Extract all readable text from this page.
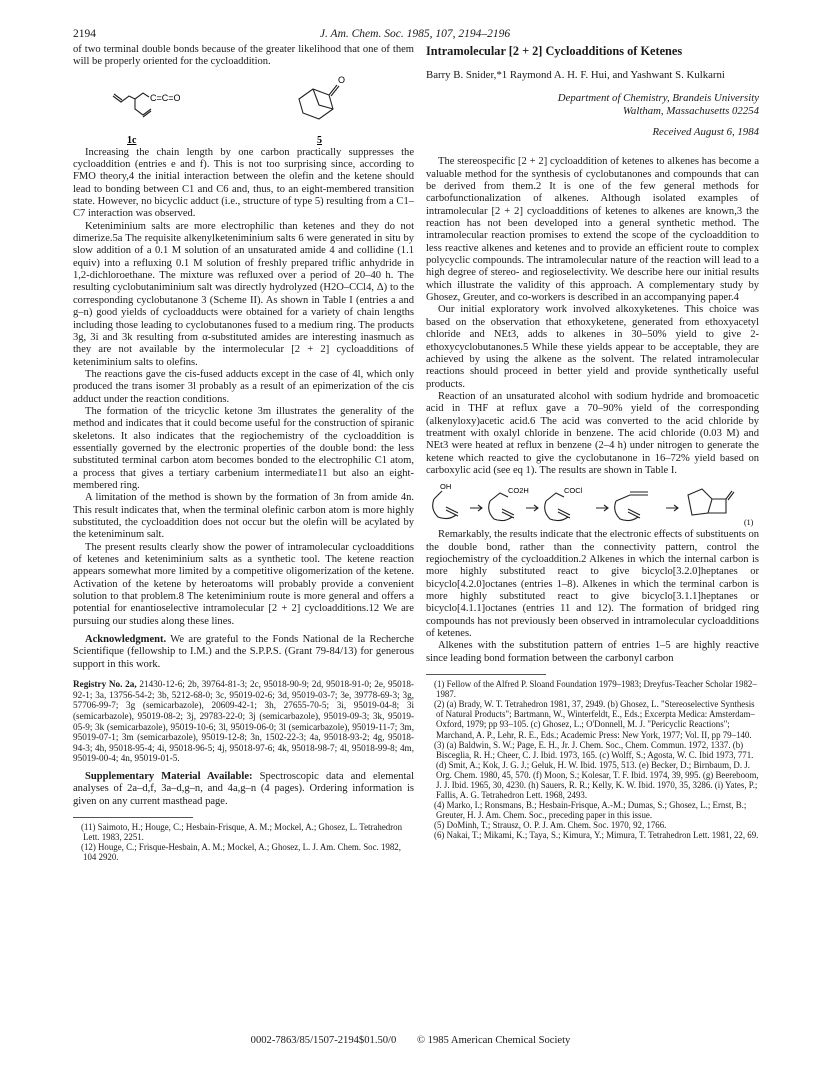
2194	J. Am. Chem. Soc. 1985, 107, 2194–2196

of two terminal double bonds because of the greater likelihood that one of them will be properly oriented for the cycloaddition.

C=C=O
O
1c	5

Increasing the chain length by one carbon practically suppresses the cycloaddition (entries e and f). This is not too surprising since, according to FMO theory,4 the initial interaction between the olefin and the ketene should lead to bonding between C1 and C6 and, thus, to an eight-membered transition state. However, no bicyclic adduct (i.e., structure of type 5) resulting from a C1–C7 interaction was observed.

Keteniminium salts are more electrophilic than ketenes and they do not dimerize.5a The requisite alkenylketeniminium salts 6 were generated in situ by slow addition of a 0.1 M solution of an unsaturated amide 4 and collidine (1.1 equiv) into a refluxing 0.1 M solution of freshly prepared triflic anhydride in 1,2-dichloroethane. The mixture was refluxed over a period of 20–40 h. The resulting cyclobutaniminium salt was directly hydrolyzed (H2O–CCl4, Δ) to the corresponding cyclobutanone 3 (Scheme II). As shown in Table I (entries a and g–n) good yields of cycloadducts were obtained for a variety of chain lengths including those leading to cyclobutanones fused to a medium ring. The products 3g, 3i and 3k resulting from α-substituted amides are interesting inasmuch as they are not available by the intermolecular [2 + 2] cycloadditions of keteniminium salts to olefins.

The reactions gave the cis-fused adducts except in the case of 4l, which only produced the trans isomer 3l probably as a result of an epimerization of the cis adduct under the reaction conditions.

The formation of the tricyclic ketone 3m illustrates the generality of the method and indicates that it could become useful for the construction of spiranic skeletons. It also indicates that the regiochemistry of the cycloaddition is essentially governed by the electronic properties of the double bond: the less substituted terminal carbon atom becomes bonded to the electrophilic C1 atom, a process that gives a tertiary carbenium intermediate11 but also an eight-membered ring.

A limitation of the method is shown by the formation of 3n from amide 4n. This result indicates that, when the terminal olefinic carbon atom is more highly substituted, the cycloaddition does not occur but the olefin will be acylated by the keteniminum salt.

The present results clearly show the power of intramolecular cycloadditions of ketenes and keteniminium salts as a synthetic tool. The ketene reaction appears somewhat more limited by a competitive oligomerization of the ketene. Activation of the ketene by heteroatoms will probably provide a convenient solution to that problem.8 The keteniminium route is more general and offers a potential for enantioselective intramolecular [2 + 2] cycloadditions.12 We are pursuing our studies along these lines.

Acknowledgment. We are grateful to the Fonds National de la Recherche Scientifique (fellowship to I.M.) and the S.P.P.S. (Grant 79-84/13) for generous support in this work.

Registry No. 2a, 21430-12-6; 2b, 39764-81-3; 2c, 95018-90-9; 2d, 95018-91-0; 2e, 95018-92-1; 3a, 13756-54-2; 3b, 5212-68-0; 3c, 95019-02-6; 3d, 95019-03-7; 3e, 39778-69-3; 3g, 57706-99-7; 3g (semicarbazole), 20609-42-1; 3h, 27655-70-5; 3i, 95019-04-8; 3i (semicarbazole), 95019-08-2; 3j, 29783-22-0; 3j (semicarbazole), 95019-09-3; 3k, 95019-05-9; 3k (semicarbazole), 95019-10-6; 3l, 95019-06-0; 3l (semicarbazole), 95019-11-7; 3m, 95019-07-1; 3m (semicarbazole), 95019-12-8; 3n, 1502-22-3; 4a, 95018-93-2; 4g, 95018-94-3; 4h, 95018-95-4; 4i, 95018-96-5; 4j, 95018-97-6; 4k, 95018-98-7; 4l, 95018-99-8; 4m, 95019-00-4; 4n, 95019-01-5.

Supplementary Material Available: Spectroscopic data and elemental analyses of 2a–d,f, 3a–d,g–n, and 4a,g–n (4 pages). Ordering information is given on any current masthead page.

(11) Saimoto, H.; Houge, C.; Hesbain-Frisque, A. M.; Mockel, A.; Ghosez, L. Tetrahedron Lett. 1983, 2251.

(12) Houge, C.; Frisque-Hesbain, A. M.; Mockel, A.; Ghosez, L. J. Am. Chem. Soc. 1982, 104 2920.

Intramolecular [2 + 2] Cycloadditions of Ketenes
Barry B. Snider,*1 Raymond A. H. F. Hui, and Yashwant S. Kulkarni
Department of Chemistry, Brandeis University
Waltham, Massachusetts 02254
Received August 6, 1984

The stereospecific [2 + 2] cycloaddition of ketenes to alkenes has become a valuable method for the synthesis of cyclobutanones and compounds that can be derived from them.2 It is one of the few general methods for carbofunctionalization of alkenes. Although isolated examples of intramolecular [2 + 2] cycloadditions of ketenes to alkenes are known,3 the reaction has not been developed into a general synthetic method. The intramolecular reaction promises to extend the scope of the cycloaddition to less reactive alkenes and ketenes and to provide an efficient route to complex polycyclic compounds. The intramolecular nature of the reaction will lead to a high degree of stereo- and regioselectivity. We describe here our initial results which illustrate the validity of this approach. A complementary study by Ghosez, Greuter, and co-workers is described in an accompanying paper.4

Our initial exploratory work involved alkoxyketenes. This choice was based on the observation that ethoxyketene, generated from ethoxyacetyl chloride and NEt3, adds to alkenes in 30–50% yield to give 2-ethoxycyclobutanones.5 While these yields appear to be acceptable, they are achieved by using the alkene as the solvent. The related intramolecular reactions should proceed in better yield and provide synthetically useful products.

Reaction of an unsaturated alcohol with sodium hydride and bromoacetic acid in THF at reflux gave a 70–90% yield of the corresponding (alkenyloxy)acetic acid.6 The acid was converted to the acid chloride by treatment with oxalyl chloride in benzene. The acid chloride (0.03 M) and NEt3 were heated at reflux in benzene (2–4 h) under nitrogen to generate the ketene which reacted to give the cyclobutanone in 16–72% yield based on carboxylic acid (see eq 1). The results are shown in Table I.

OH	CO2H	COCl
(1)

Remarkably, the results indicate that the electronic effects of substituents on the double bond, rather than the connectivity pattern, control the regiochemistry of the cycloaddition.2 Alkenes in which the internal carbon is more highly substituted react to give bicyclo[3.2.0]heptanes or bicyclo[4.2.0]octanes (entries 1–8). Alkenes in which the terminal carbon is more highly substituted react to give bicyclo[3.1.1]heptanes or bicyclo[4.1.1]octanes (entries 11 and 12). The formation of bridged ring compounds has not previously been observed in intramolecular cycloadditions of ketenes.

Alkenes with the substitution pattern of entries 1–5 are highly reactive since leading bond formation between the carbonyl carbon

(1) Fellow of the Alfred P. Sloand Foundation 1979–1983; Dreyfus-Teacher Scholar 1982–1987.

(2) (a) Brady, W. T. Tetrahedron 1981, 37, 2949. (b) Ghosez, L. "Stereoselective Synthesis of Natural Products"; Bartmann, W., Winterfeldt, E., Eds.; Excerpta Medica: Amsterdam–Oxford, 1979; pp 93–105. (c) Ghosez, L.; O'Donnell, M. J. "Pericyclic Reactions"; Marchand, A. P., Lehr, R. E., Eds.; Academic Press: New York, 1977; Vol. II, pp 79–140.

(3) (a) Baldwin, S. W.; Page, E. H., Jr. J. Chem. Soc., Chem. Commun. 1972, 1337. (b) Bisceglia, R. H.; Cheer, C. J. Ibid. 1973, 165. (c) Wolff, S.; Agosta, W. C. Ibid 1973, 771. (d) Smit, A.; Kok, J. G. J.; Geluk, H. W. Ibid. 1975, 513. (e) Becker, D.; Birnbaum, D. J. Org. Chem. 1980, 45, 570. (f) Moon, S.; Kolesar, T. F. Ibid. 1974, 39, 995. (g) Beereboom, J. J. Ibid. 1965, 30, 4230. (h) Sauers, R. R.; Kelly, K. W. Ibid. 1970, 35, 3286. (i) Yates, P.; Fallis, A. G. Tetrahedron Lett. 1968, 2493.

(4) Marko, I.; Ronsmans, B.; Hesbain-Frisque, A.-M.; Dumas, S.; Ghosez, L.; Ernst, B.; Greuter, H. J. Am. Chem. Soc., preceding paper in this issue.

(5) DoMinh, T.; Strausz, O. P. J. Am. Chem. Soc. 1970, 92, 1766.

(6) Nakai, T.; Mikami, K.; Taya, S.; Kimura, Y.; Mimura, T. Tetrahedron Lett. 1981, 22, 69.

0002-7863/85/1507-2194$01.50/0 © 1985 American Chemical Society
